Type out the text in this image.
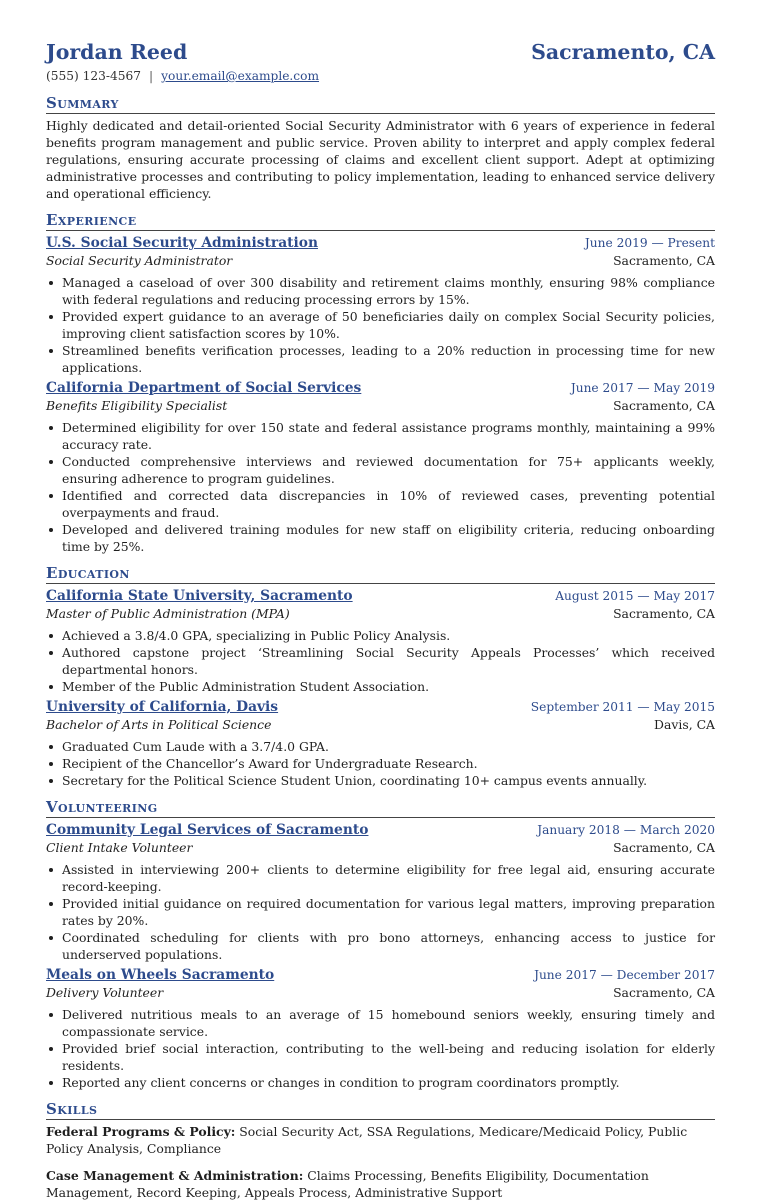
Jordan Reed	Sacramento, CA
(555) 123-4567 | your.email@example.com
Summary
Highly dedicated and detail-oriented Social Security Administrator with 6 years of experience in federal benefits program management and public service. Proven ability to interpret and apply complex federal regulations, ensuring accurate processing of claims and excellent client support. Adept at optimizing administrative processes and contributing to policy implementation, leading to enhanced service delivery and operational efficiency.
Experience
U.S. Social Security Administration	June 2019 — Present
Social Security Administrator	Sacramento, CA
Managed a caseload of over 300 disability and retirement claims monthly, ensuring 98% compliance with federal regulations and reducing processing errors by 15%.
Provided expert guidance to an average of 50 beneficiaries daily on complex Social Security policies, improving client satisfaction scores by 10%.
Streamlined benefits verification processes, leading to a 20% reduction in processing time for new applications.
California Department of Social Services	June 2017 — May 2019
Benefits Eligibility Specialist	Sacramento, CA
Determined eligibility for over 150 state and federal assistance programs monthly, maintaining a 99% accuracy rate.
Conducted comprehensive interviews and reviewed documentation for 75+ applicants weekly, ensuring adherence to program guidelines.
Identified and corrected data discrepancies in 10% of reviewed cases, preventing potential overpayments and fraud.
Developed and delivered training modules for new staff on eligibility criteria, reducing onboarding time by 25%.
Education
California State University, Sacramento	August 2015 — May 2017
Master of Public Administration (MPA)	Sacramento, CA
Achieved a 3.8/4.0 GPA, specializing in Public Policy Analysis.
Authored capstone project ‘Streamlining Social Security Appeals Processes’ which received departmental honors.
Member of the Public Administration Student Association.
University of California, Davis	September 2011 — May 2015
Bachelor of Arts in Political Science	Davis, CA
Graduated Cum Laude with a 3.7/4.0 GPA.
Recipient of the Chancellor’s Award for Undergraduate Research.
Secretary for the Political Science Student Union, coordinating 10+ campus events annually.
Volunteering
Community Legal Services of Sacramento	January 2018 — March 2020
Client Intake Volunteer	Sacramento, CA
Assisted in interviewing 200+ clients to determine eligibility for free legal aid, ensuring accurate record-keeping.
Provided initial guidance on required documentation for various legal matters, improving preparation rates by 20%.
Coordinated scheduling for clients with pro bono attorneys, enhancing access to justice for underserved populations.
Meals on Wheels Sacramento	June 2017 — December 2017
Delivery Volunteer	Sacramento, CA
Delivered nutritious meals to an average of 15 homebound seniors weekly, ensuring timely and compassionate service.
Provided brief social interaction, contributing to the well-being and reducing isolation for elderly residents.
Reported any client concerns or changes in condition to program coordinators promptly.
Skills
Federal Programs & Policy: Social Security Act, SSA Regulations, Medicare/Medicaid Policy, Public Policy Analysis, Compliance
Case Management & Administration: Claims Processing, Benefits Eligibility, Documentation Management, Record Keeping, Appeals Process, Administrative Support
